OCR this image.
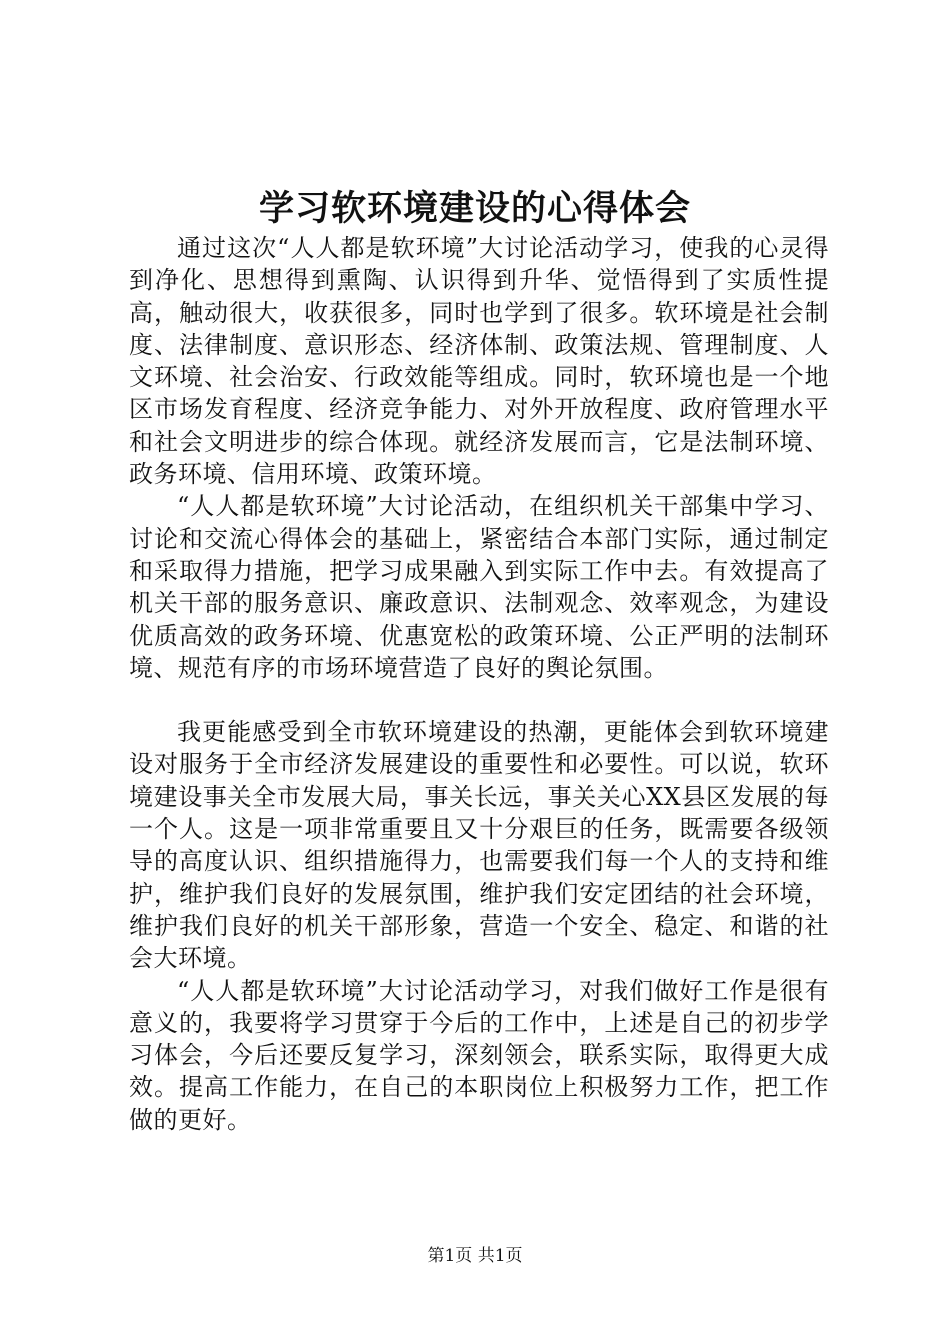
学习软环境建设的心得体会

通过这次“人人都是软环境”大讨论活动学习，使我的心灵得到净化、思想得到熏陶、认识得到升华、觉悟得到了实质性提高，触动很大，收获很多，同时也学到了很多。软环境是社会制度、法律制度、意识形态、经济体制、政策法规、管理制度、人文环境、社会治安、行政效能等组成。同时，软环境也是一个地区市场发育程度、经济竞争能力、对外开放程度、政府管理水平和社会文明进步的综合体现。就经济发展而言，它是法制环境、政务环境、信用环境、政策环境。

“人人都是软环境”大讨论活动，在组织机关干部集中学习、讨论和交流心得体会的基础上，紧密结合本部门实际，通过制定和采取得力措施，把学习成果融入到实际工作中去。有效提高了机关干部的服务意识、廉政意识、法制观念、效率观念，为建设优质高效的政务环境、优惠宽松的政策环境、公正严明的法制环境、规范有序的市场环境营造了良好的舆论氛围。

我更能感受到全市软环境建设的热潮，更能体会到软环境建设对服务于全市经济发展建设的重要性和必要性。可以说，软环境建设事关全市发展大局，事关长远，事关关心XX县区发展的每一个人。这是一项非常重要且又十分艰巨的任务，既需要各级领导的高度认识、组织措施得力，也需要我们每一个人的支持和维护，维护我们良好的发展氛围，维护我们安定团结的社会环境，维护我们良好的机关干部形象，营造一个安全、稳定、和谐的社会大环境。

“人人都是软环境”大讨论活动学习，对我们做好工作是很有意义的，我要将学习贯穿于今后的工作中，上述是自己的初步学习体会，今后还要反复学习，深刻领会，联系实际，取得更大成效。提高工作能力，在自己的本职岗位上积极努力工作，把工作做的更好。

第1页 共1页
